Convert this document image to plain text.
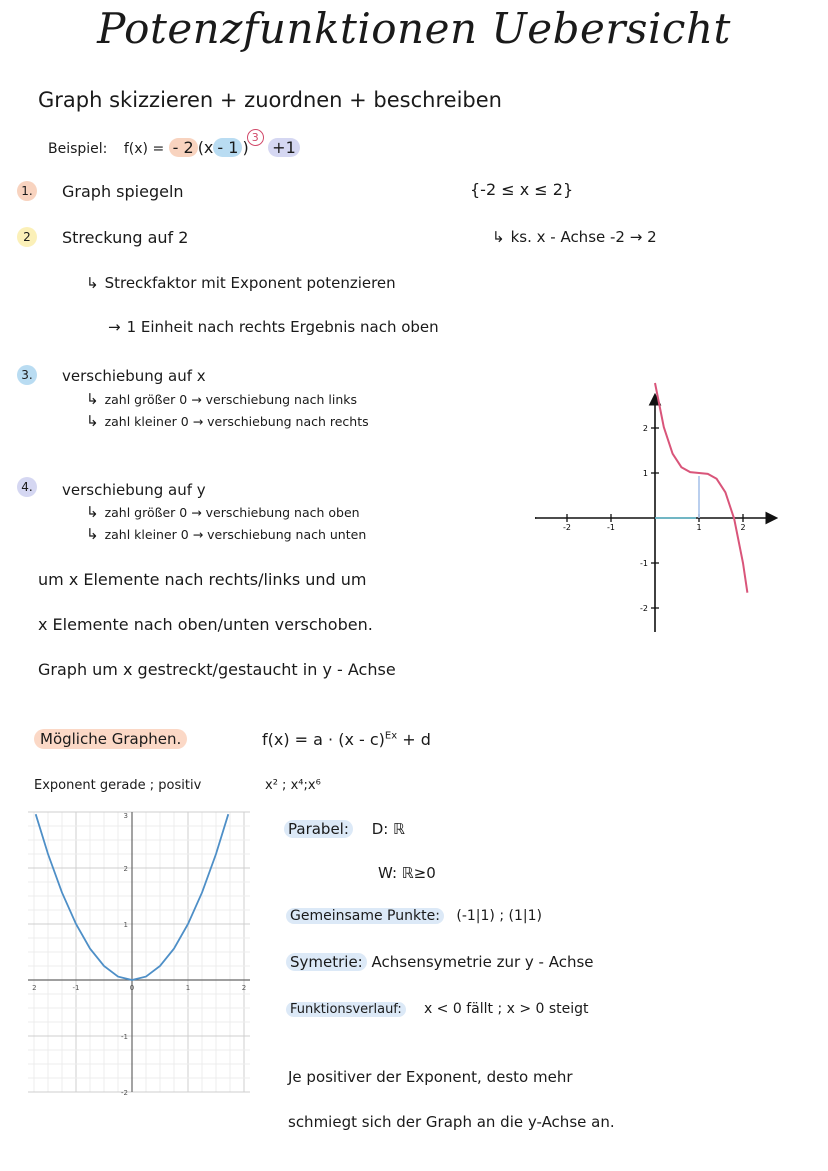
Potenzfunktionen Uebersicht
Graph skizzieren + zuordnen + beschreiben
Beispiel: f(x) = - 2 (x - 1 )3 +1
1. Graph spiegeln
2 Streckung auf 2
↳ Streckfaktor mit Exponent potenzieren
→ 1 Einheit nach rechts Ergebnis nach oben
3. verschiebung auf x
↳ zahl größer 0 → verschiebung nach links
↳ zahl kleiner 0 → verschiebung nach rechts
4. verschiebung auf y
↳ zahl größer 0 → verschiebung nach oben
↳ zahl kleiner 0 → verschiebung nach unten
{-2 ≤ x ≤ 2}
↳ ks. x - Achse -2 → 2
um x Elemente nach rechts/links und um
x Elemente nach oben/unten verschoben.
Graph um x gestreckt/gestaucht in y - Achse
-2	-1	1	2
2
1
-1
-2
Mögliche Graphen.	f(x) = a · (x - c)$^{Ex}$ + d
Exponent gerade ; positiv	x² ; x⁴;x⁶
2	-1	0	1	2
3
2
1
-1
-2
Parabel: D: ℝ
W: ℝ≥0
Gemeinsame Punkte: (-1|1) ; (1|1)
Symetrie: Achsensymetrie zur y - Achse
Funktionsverlauf: x < 0 fällt ; x > 0 steigt
Je positiver der Exponent, desto mehr
schmiegt sich der Graph an die y-Achse an.
